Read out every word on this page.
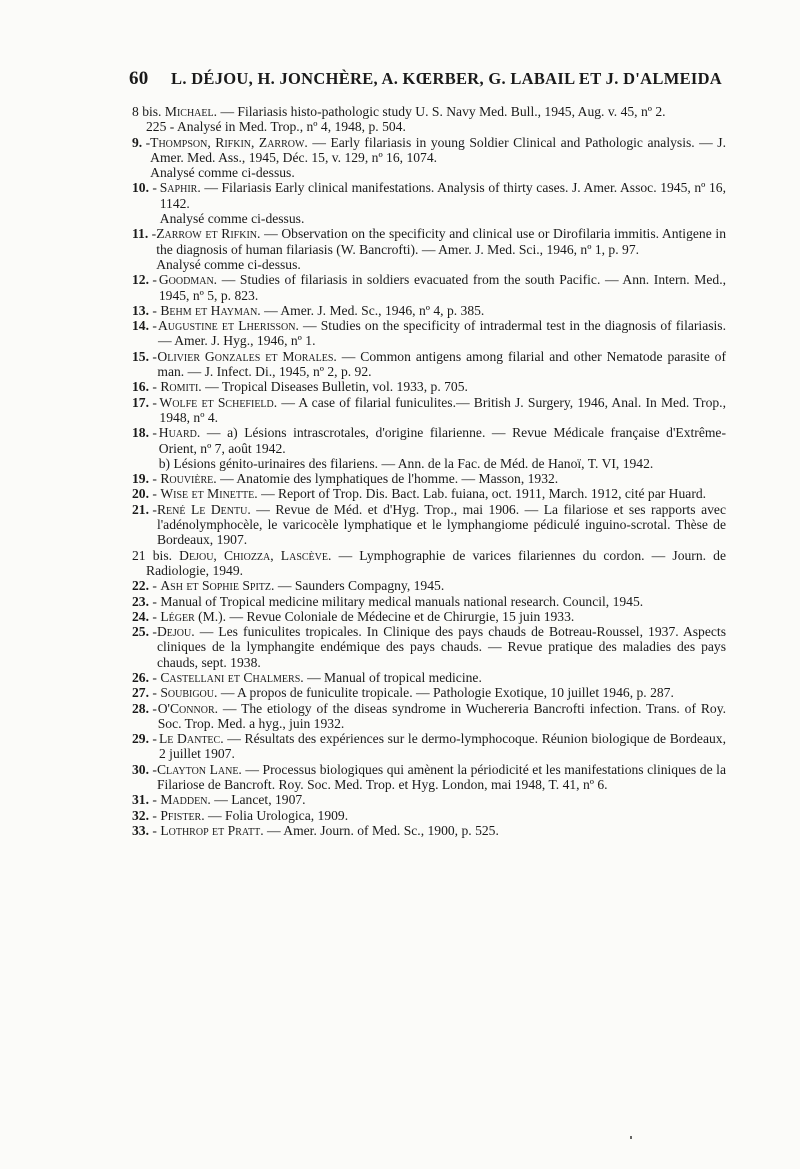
60 L. DÉJOU, H. JONCHÈRE, A. KŒRBER, G. LABAIL ET J. D'ALMEIDA
8 bis. Michael. — Filariasis histo-pathologic study U. S. Navy Med. Bull., 1945, Aug. v. 45, nº 2.
225 - Analysé in Med. Trop., nº 4, 1948, p. 504.
9. -
Thompson, Rifkin, Zarrow. — Early filariasis in young Soldier Clinical and Pathologic analysis. — J. Amer. Med. Ass., 1945, Déc. 15, v. 129, nº 16, 1074.
Analysé comme ci-dessus.
10. -
Saphir. — Filariasis Early clinical manifestations. Analysis of thirty cases. J. Amer. Assoc. 1945, nº 16, 1142.
Analysé comme ci-dessus.
11. -
Zarrow et Rifkin. — Observation on the specificity and clinical use or Dirofilaria immitis. Antigene in the diagnosis of human filariasis (W. Bancrofti). — Amer. J. Med. Sci., 1946, nº 1, p. 97.
Analysé comme ci-dessus.
12. -
Goodman. — Studies of filariasis in soldiers evacuated from the south Pacific. — Ann. Intern. Med., 1945, nº 5, p. 823.
13. - Behm et Hayman. — Amer. J. Med. Sc., 1946, nº 4, p. 385.
14. -
Augustine et Lherisson. — Studies on the specificity of intradermal test in the diagnosis of filariasis. — Amer. J. Hyg., 1946, nº 1.
15. -
Olivier Gonzales et Morales. — Common antigens among filarial and other Nematode parasite of man. — J. Infect. Di., 1945, nº 2, p. 92.
16. - Romiti. — Tropical Diseases Bulletin, vol. 1933, p. 705.
17. -
Wolfe et Schefield. — A case of filarial funiculites.— British J. Surgery, 1946, Anal. In Med. Trop., 1948, nº 4.
18. -
Huard. — a) Lésions intrascrotales, d'origine filarienne. — Revue Médicale française d'Extrême-Orient, nº 7, août 1942.
b) Lésions génito-urinaires des filariens. — Ann. de la Fac. de Méd. de Hanoï, T. VI, 1942.
19. - Rouvière. — Anatomie des lymphatiques de l'homme. — Masson, 1932.
20. - Wise et Minette. — Report of Trop. Dis. Bact. Lab. fuiana, oct. 1911, March. 1912, cité par Huard.
21. -
René Le Dentu. — Revue de Méd. et d'Hyg. Trop., mai 1906. — La filariose et ses rapports avec l'adénolymphocèle, le varicocèle lymphatique et le lymphangiome pédiculé inguino-scrotal. Thèse de Bordeaux, 1907.
21 bis. Dejou, Chiozza, Lascève. — Lymphographie de varices filariennes du cordon. — Journ. de Radiologie, 1949.
22. - Ash et Sophie Spitz. — Saunders Compagny, 1945.
23. - Manual of Tropical medicine military medical manuals national research. Council, 1945.
24. - Léger (M.). — Revue Coloniale de Médecine et de Chirurgie, 15 juin 1933.
25. -
Dejou. — Les funiculites tropicales. In Clinique des pays chauds de Botreau-Roussel, 1937. Aspects cliniques de la lymphangite endémique des pays chauds. — Revue pratique des maladies des pays chauds, sept. 1938.
26. - Castellani et Chalmers. — Manual of tropical medicine.
27. - Soubigou. — A propos de funiculite tropicale. — Pathologie Exotique, 10 juillet 1946, p. 287.
28. -
O'Connor. — The etiology of the diseas syndrome in Wuchereria Bancrofti infection. Trans. of Roy. Soc. Trop. Med. a hyg., juin 1932.
29. -
Le Dantec. — Résultats des expériences sur le dermo-lymphocoque. Réunion biologique de Bordeaux, 2 juillet 1907.
30. -
Clayton Lane. — Processus biologiques qui amènent la périodicité et les manifestations cliniques de la Filariose de Bancroft. Roy. Soc. Med. Trop. et Hyg. London, mai 1948, T. 41, nº 6.
31. - Madden. — Lancet, 1907.
32. - Pfister. — Folia Urologica, 1909.
33. - Lothrop et Pratt. — Amer. Journ. of Med. Sc., 1900, p. 525.
